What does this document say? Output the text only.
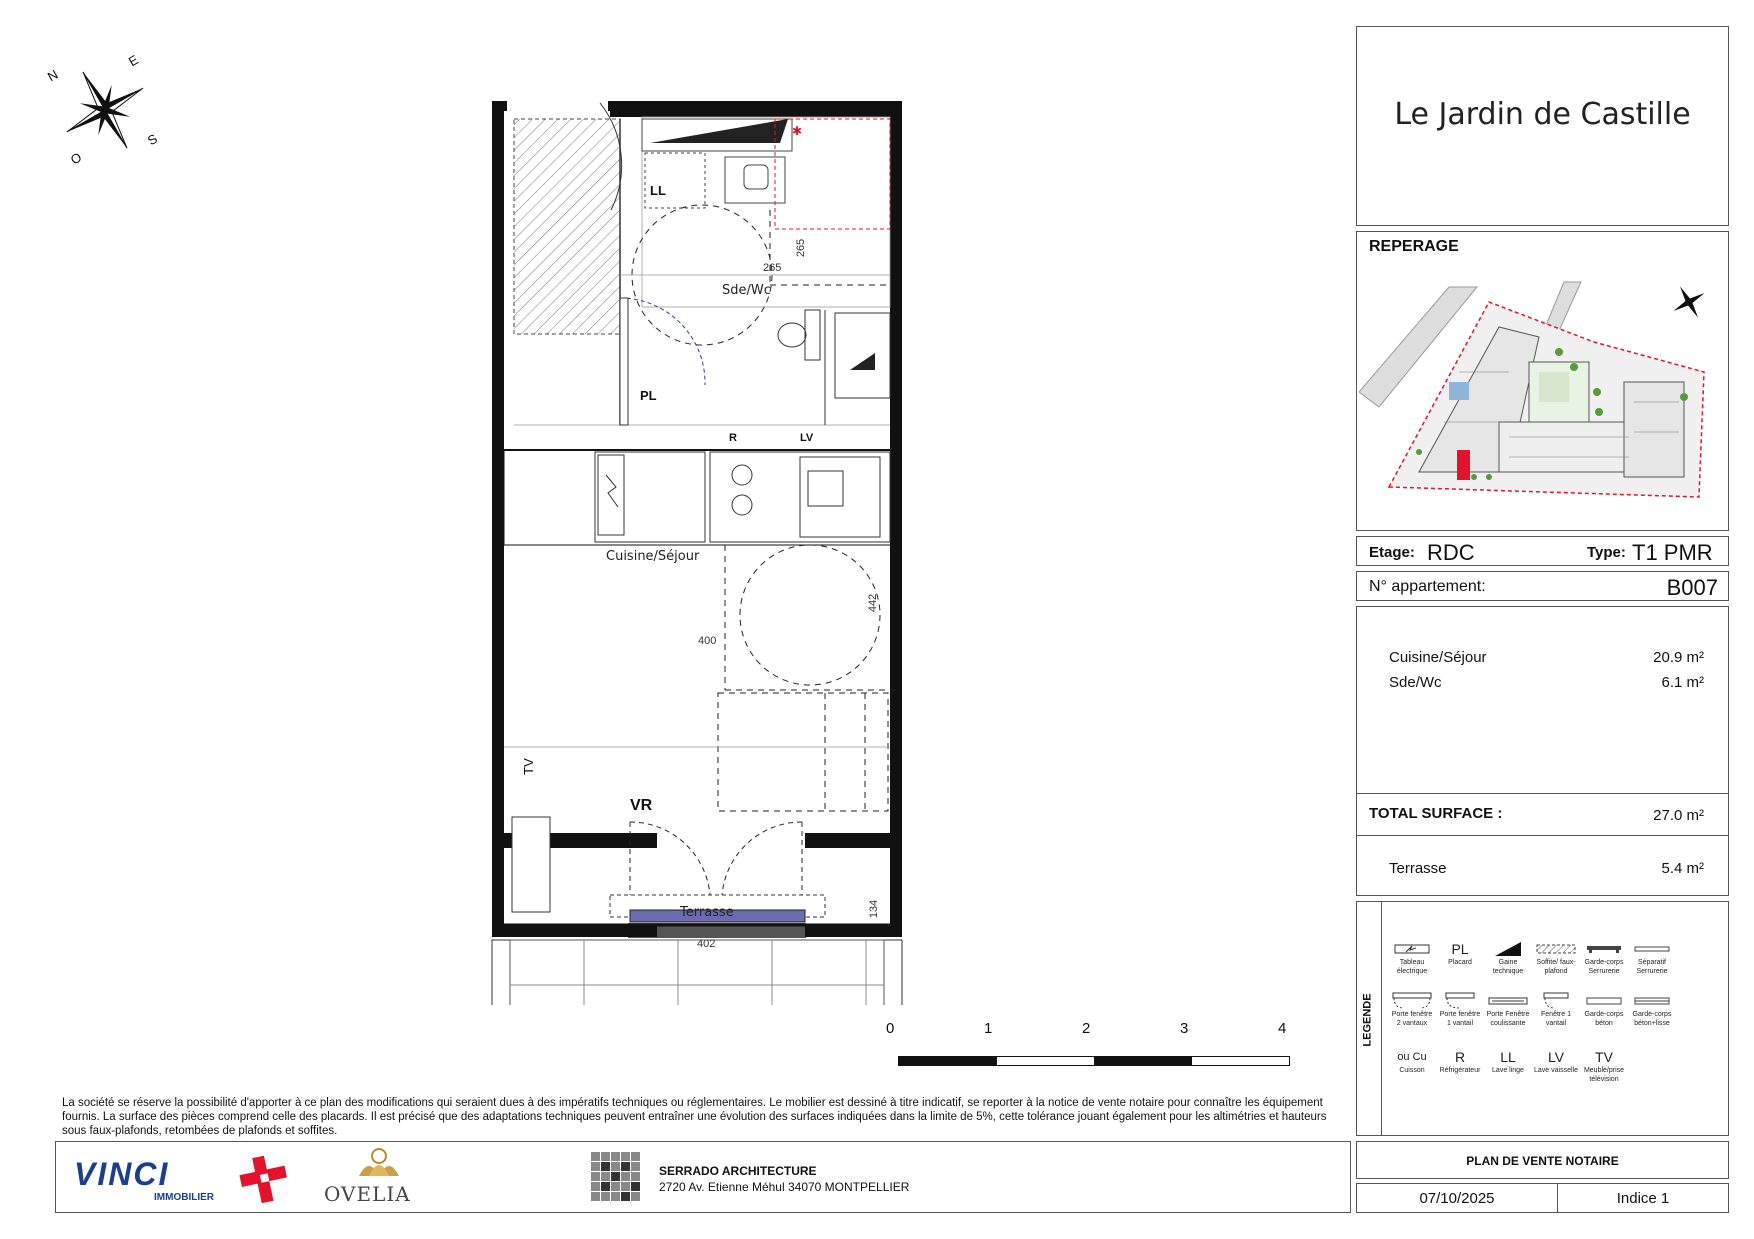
N
E
S
O
✱
LL
265
265
Sde/Wc
PL
R	LV
Cuisine/Séjour
442
400
TV
VR
Terrasse	134
402
0	1	2	3	4
La société se réserve la possibilité d'apporter à ce plan des modifications qui seraient dues à des impératifs techniques ou réglementaires. Le mobilier est dessiné à titre indicatif, se reporter à la notice de vente notaire pour connaître les équipement fournis. La surface des pièces comprend celle des placards. Il est précisé que des adaptations techniques peuvent entraîner une évolution des surfaces indiquées dans la limite de 5%, cette tolérance jouant également pour les altimétries et hauteurs sous faux-plafonds, retombées de plafonds et soffites.
VINCI
IMMOBILIER	OVELIA
SERRADO ARCHITECTURE
2720 Av. Etienne Méhul 34070 MONTPELLIER
Le Jardin de Castille
REPERAGE
Etage: RDC	Type: T1 PMR
N° appartement:	B007
Cuisine/Séjour	20.9 m²
Sde/Wc	6.1 m²
TOTAL SURFACE :	27.0 m²
Terrasse	5.4 m²
LEGENDE
Tableau électrique
PL
Placard	Gaine technique
Soffite/ faux-plafond
Garde-corps Serrurerie
Séparatif Serrurerie
Porte fenêtre 2 vantaux
Porte fenêtre 1 vantail
Porte Fenêtre coulissante
Fenêtre 1 vantail
Garde-corps béton
Garde-corps béton+lisse
ou Cu
Cuisson
R
Réfrigérateur
LL
Lave linge
LV
Lave vaisselle
TV
Meuble/prise télévision
PLAN DE VENTE NOTAIRE
07/10/2025	Indice 1
